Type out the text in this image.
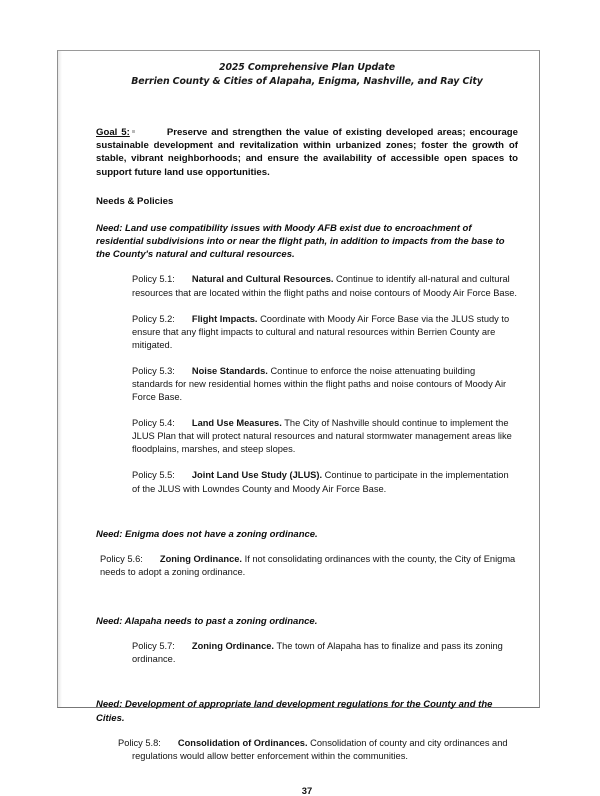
2025 Comprehensive Plan Update
Berrien County & Cities of Alapaha, Enigma, Nashville, and Ray City
Goal 5:	Preserve and strengthen the value of existing developed areas; encourage sustainable development and revitalization within urbanized zones; foster the growth of stable, vibrant neighborhoods; and ensure the availability of accessible open spaces to support future land use opportunities.
Needs & Policies
Need: Land use compatibility issues with Moody AFB exist due to encroachment of residential subdivisions into or near the flight path, in addition to impacts from the base to the County's natural and cultural resources.
Policy 5.1: Natural and Cultural Resources. Continue to identify all-natural and cultural resources that are located within the flight paths and noise contours of Moody Air Force Base.
Policy 5.2: Flight Impacts. Coordinate with Moody Air Force Base via the JLUS study to ensure that any flight impacts to cultural and natural resources within Berrien County are mitigated.
Policy 5.3: Noise Standards. Continue to enforce the noise attenuating building standards for new residential homes within the flight paths and noise contours of Moody Air Force Base.
Policy 5.4: Land Use Measures. The City of Nashville should continue to implement the JLUS Plan that will protect natural resources and natural stormwater management areas like floodplains, marshes, and steep slopes.
Policy 5.5: Joint Land Use Study (JLUS). Continue to participate in the implementation of the JLUS with Lowndes County and Moody Air Force Base.
Need: Enigma does not have a zoning ordinance.
Policy 5.6: Zoning Ordinance. If not consolidating ordinances with the county, the City of Enigma needs to adopt a zoning ordinance.
Need: Alapaha needs to past a zoning ordinance.
Policy 5.7: Zoning Ordinance. The town of Alapaha has to finalize and pass its zoning ordinance.
Need: Development of appropriate land development regulations for the County and the Cities.
Policy 5.8: Consolidation of Ordinances. Consolidation of county and city ordinances and regulations would allow better enforcement within the communities.
37
